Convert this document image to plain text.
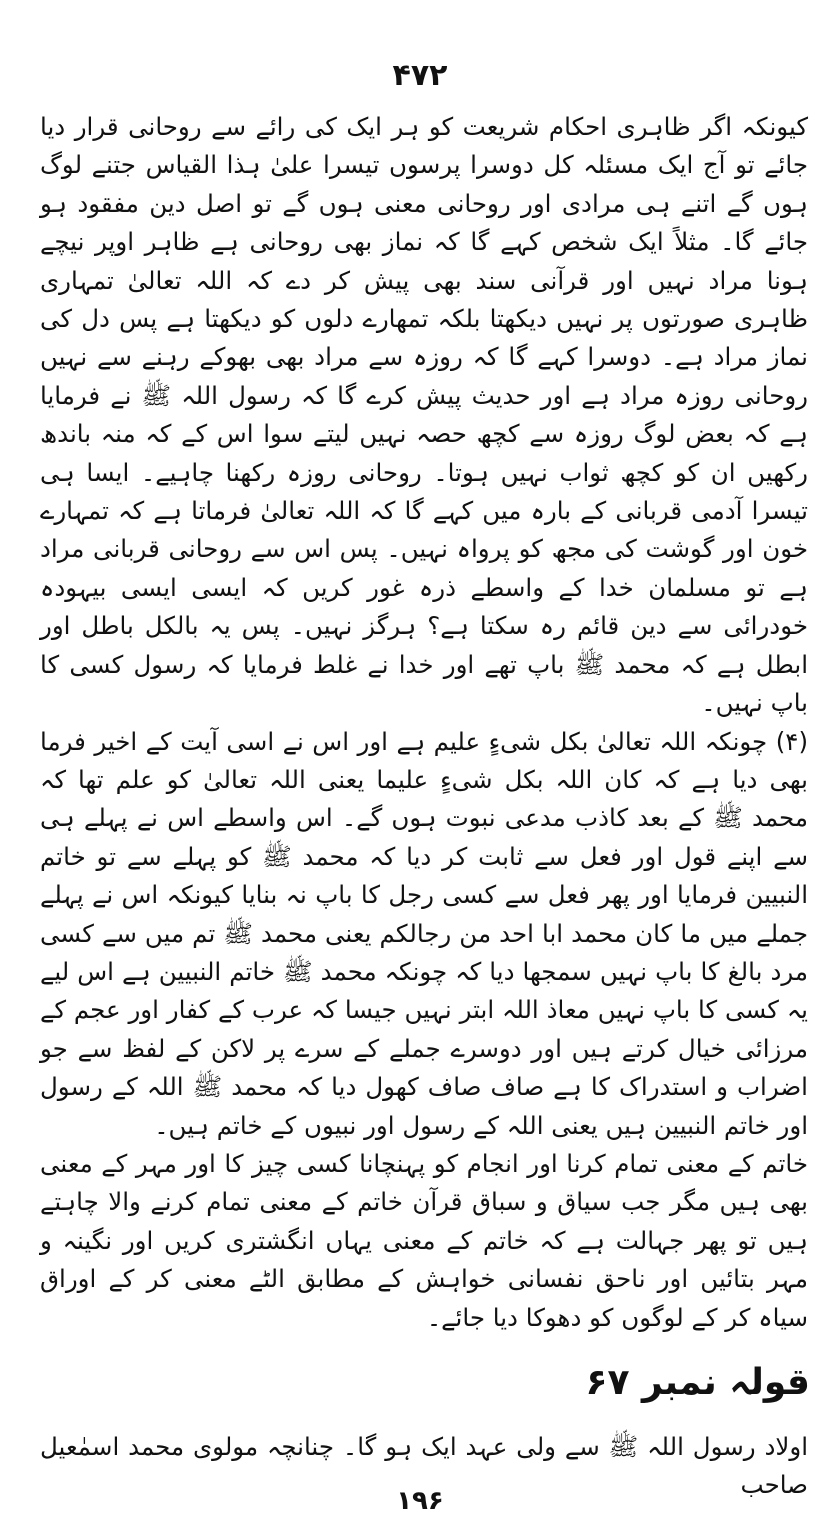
۴۷۲

کیونکہ اگر ظاہری احکام شریعت کو ہر ایک کی رائے سے روحانی قرار دیا جائے تو آج ایک مسئلہ کل دوسرا پرسوں تیسرا علیٰ ہذا القیاس جتنے لوگ ہوں گے اتنے ہی مرادی اور روحانی معنی ہوں گے تو اصل دین مفقود ہو جائے گا۔ مثلاً ایک شخص کہے گا کہ نماز بھی روحانی ہے ظاہر اوپر نیچے ہونا مراد نہیں اور قرآنی سند بھی پیش کر دے کہ اللہ تعالیٰ تمہاری ظاہری صورتوں پر نہیں دیکھتا بلکہ تمھارے دلوں کو دیکھتا ہے پس دل کی نماز مراد ہے۔ دوسرا کہے گا کہ روزہ سے مراد بھی بھوکے رہنے سے نہیں روحانی روزہ مراد ہے اور حدیث پیش کرے گا کہ رسول اللہ ﷺ نے فرمایا ہے کہ بعض لوگ روزہ سے کچھ حصہ نہیں لیتے سوا اس کے کہ منہ باندھ رکھیں ان کو کچھ ثواب نہیں ہوتا۔ روحانی روزہ رکھنا چاہیے۔ ایسا ہی تیسرا آدمی قربانی کے بارہ میں کہے گا کہ اللہ تعالیٰ فرماتا ہے کہ تمہارے خون اور گوشت کی مجھ کو پرواہ نہیں۔ پس اس سے روحانی قربانی مراد ہے تو مسلمان خدا کے واسطے ذرہ غور کریں کہ ایسی ایسی بیہودہ خودرائی سے دین قائم رہ سکتا ہے؟ ہرگز نہیں۔ پس یہ بالکل باطل اور ابطل ہے کہ محمد ﷺ باپ تھے اور خدا نے غلط فرمایا کہ رسول کسی کا باپ نہیں۔

(۴) چونکہ اللہ تعالیٰ بکل شیءٍ علیم ہے اور اس نے اسی آیت کے اخیر فرما بھی دیا ہے کہ کان اللہ بکل شیءٍ علیما یعنی اللہ تعالیٰ کو علم تھا کہ محمد ﷺ کے بعد کاذب مدعی نبوت ہوں گے۔ اس واسطے اس نے پہلے ہی سے اپنے قول اور فعل سے ثابت کر دیا کہ محمد ﷺ کو پہلے سے تو خاتم النبیین فرمایا اور پھر فعل سے کسی رجل کا باپ نہ بنایا کیونکہ اس نے پہلے جملے میں ما کان محمد ابا احد من رجالکم یعنی محمد ﷺ تم میں سے کسی مرد بالغ کا باپ نہیں سمجھا دیا کہ چونکہ محمد ﷺ خاتم النبیین ہے اس لیے یہ کسی کا باپ نہیں معاذ اللہ ابتر نہیں جیسا کہ عرب کے کفار اور عجم کے مرزائی خیال کرتے ہیں اور دوسرے جملے کے سرے پر لاکن کے لفظ سے جو اضراب و استدراک کا ہے صاف صاف کھول دیا کہ محمد ﷺ اللہ کے رسول اور خاتم النبیین ہیں یعنی اللہ کے رسول اور نبیوں کے خاتم ہیں۔

خاتم کے معنی تمام کرنا اور انجام کو پہنچانا کسی چیز کا اور مہر کے معنی بھی ہیں مگر جب سیاق و سباق قرآن خاتم کے معنی تمام کرنے والا چاہتے ہیں تو پھر جہالت ہے کہ خاتم کے معنی یہاں انگشتری کریں اور نگینہ و مہر بتائیں اور ناحق نفسانی خواہش کے مطابق الٹے معنی کر کے اوراق سیاہ کر کے لوگوں کو دھوکا دیا جائے۔

قولہ نمبر ۶۷
اولاد رسول اللہ ﷺ سے ولی عہد ایک ہو گا۔ چنانچہ مولوی محمد اسمٰعیل صاحب
۱۹۶
